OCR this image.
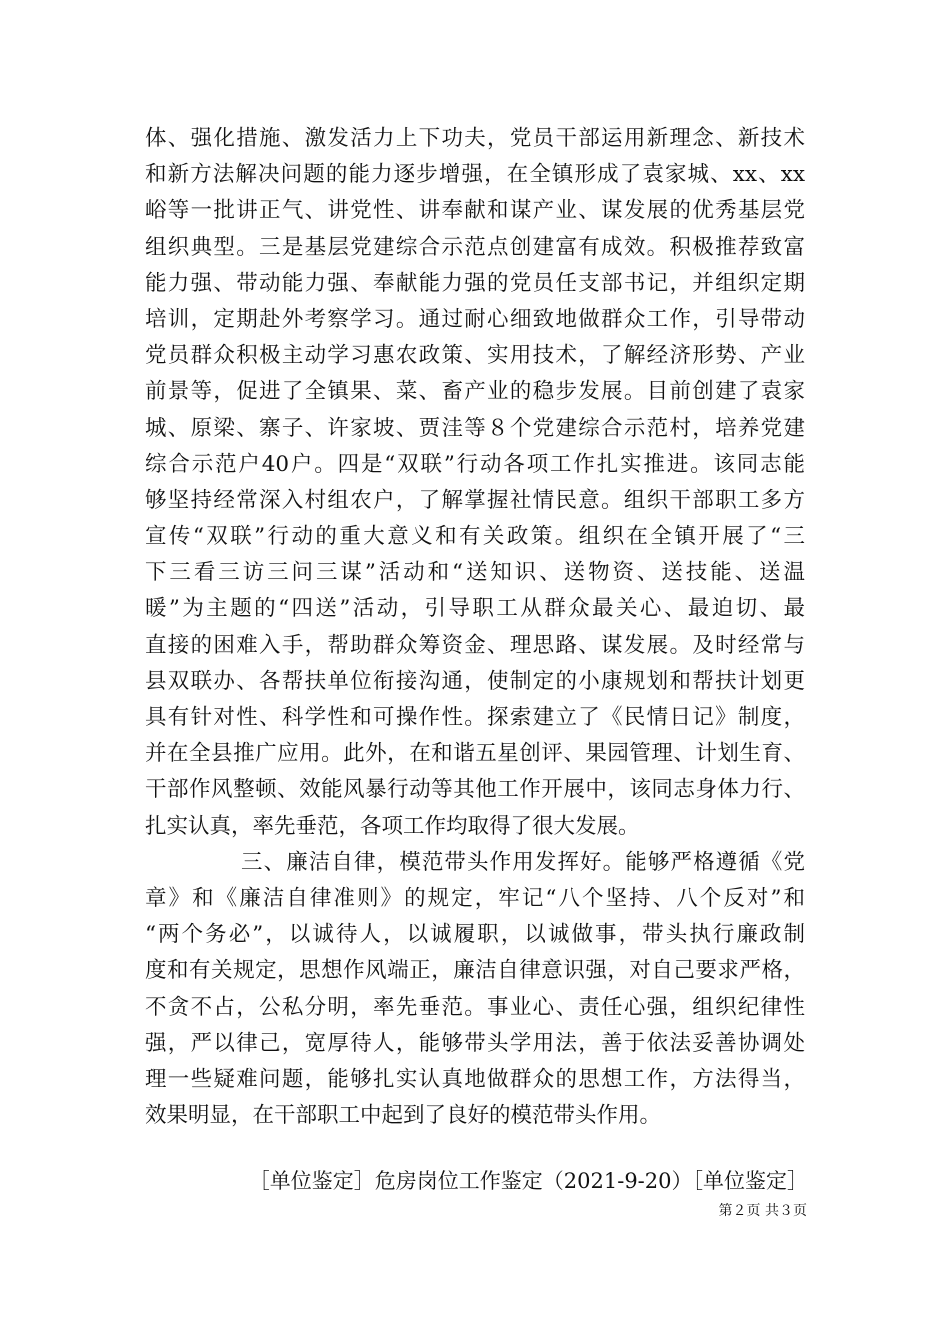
体、强化措施、激发活力上下功夫，党员干部运用新理念、新技术
和新方法解决问题的能力逐步增强，在全镇形成了袁家城、xx、xx
峪等一批讲正气、讲党性、讲奉献和谋产业、谋发展的优秀基层党
组织典型。三是基层党建综合示范点创建富有成效。积极推荐致富
能力强、带动能力强、奉献能力强的党员任支部书记，并组织定期
培训，定期赴外考察学习。通过耐心细致地做群众工作，引导带动
党员群众积极主动学习惠农政策、实用技术，了解经济形势、产业
前景等，促进了全镇果、菜、畜产业的稳步发展。目前创建了袁家
城、原梁、寨子、许家坡、贾洼等８个党建综合示范村，培养党建
综合示范户40户。四是“双联”行动各项工作扎实推进。该同志能
够坚持经常深入村组农户，了解掌握社情民意。组织干部职工多方
宣传“双联”行动的重大意义和有关政策。组织在全镇开展了“三
下三看三访三问三谋”活动和“送知识、送物资、送技能、送温
暖”为主题的“四送”活动，引导职工从群众最关心、最迫切、最
直接的困难入手，帮助群众筹资金、理思路、谋发展。及时经常与
县双联办、各帮扶单位衔接沟通，使制定的小康规划和帮扶计划更
具有针对性、科学性和可操作性。探索建立了《民情日记》制度，
并在全县推广应用。此外，在和谐五星创评、果园管理、计划生育、
干部作风整顿、效能风暴行动等其他工作开展中，该同志身体力行、
扎实认真，率先垂范，各项工作均取得了很大发展。
三、廉洁自律，模范带头作用发挥好。能够严格遵循《党
章》和《廉洁自律准则》的规定，牢记“八个坚持、八个反对”和
“两个务必”，以诚待人，以诚履职，以诚做事，带头执行廉政制
度和有关规定，思想作风端正，廉洁自律意识强，对自己要求严格，
不贪不占，公私分明，率先垂范。事业心、责任心强，组织纪律性
强，严以律己，宽厚待人，能够带头学用法，善于依法妥善协调处
理一些疑难问题，能够扎实认真地做群众的思想工作，方法得当，
效果明显，在干部职工中起到了良好的模范带头作用。
［单位鉴定］危房岗位工作鉴定（2021-9-20）［单位鉴定］
第２页 共３页
